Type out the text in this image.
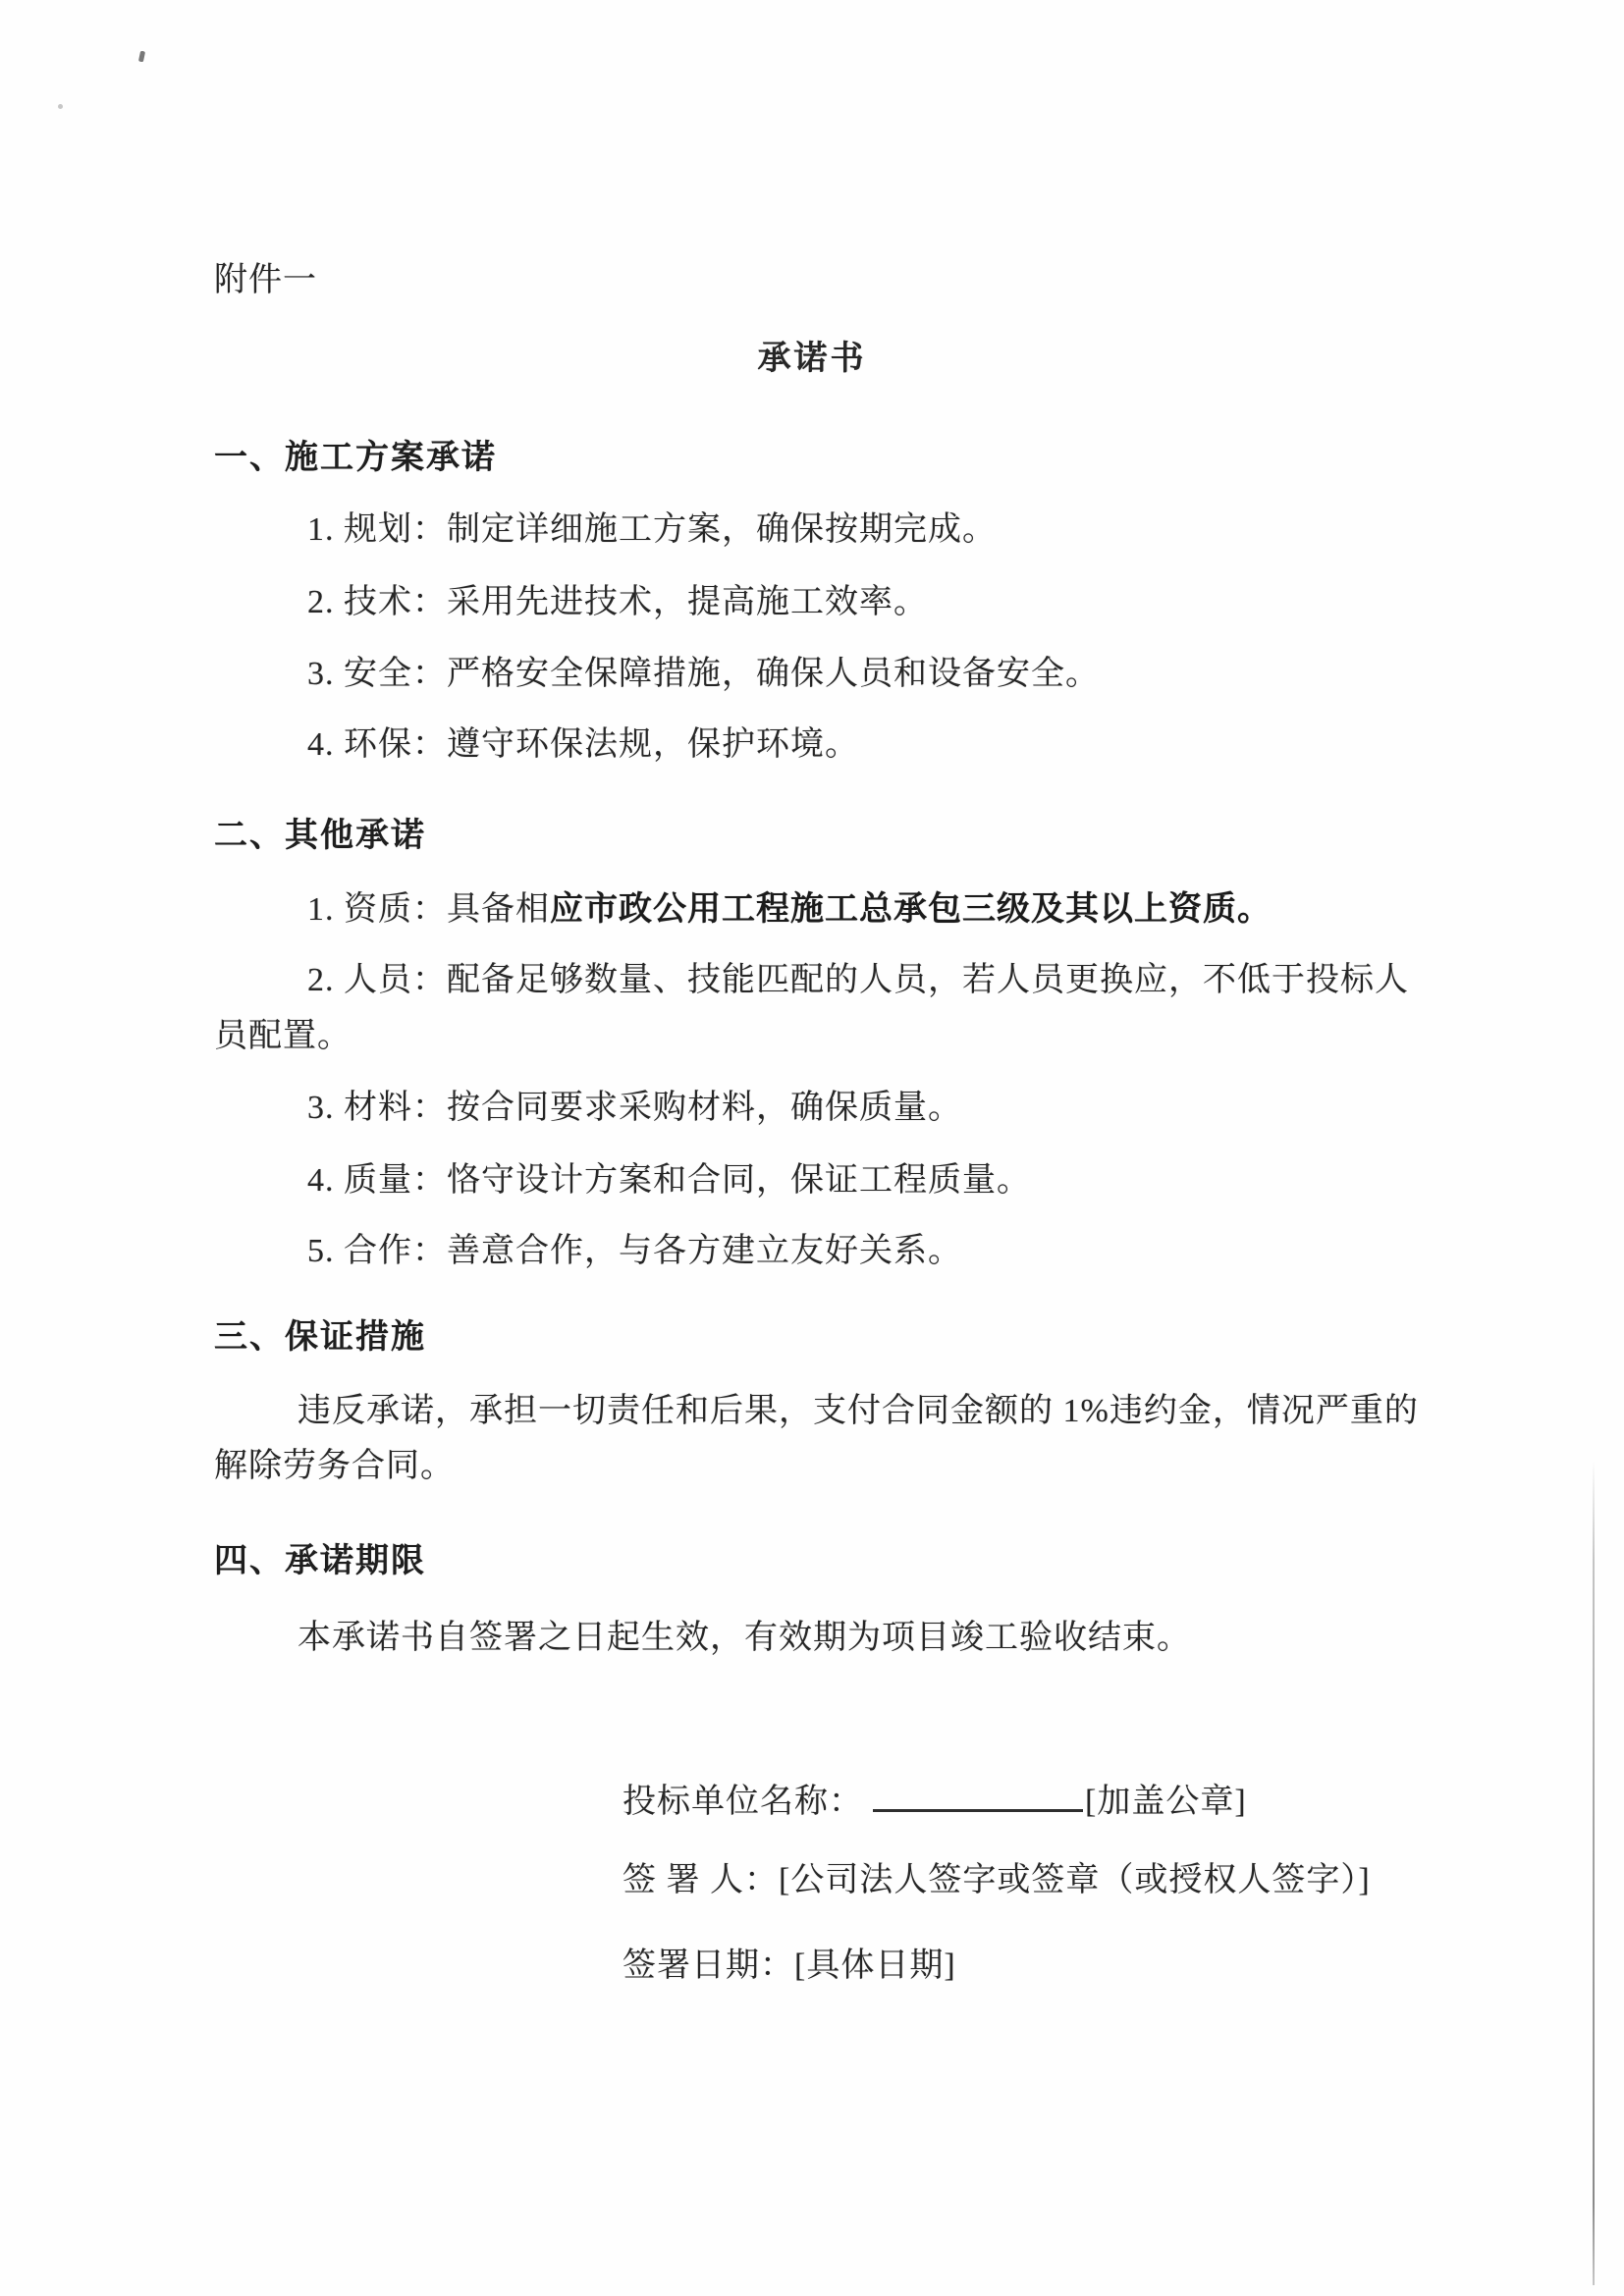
附件一
承诺书
一、施工方案承诺
1. 规划：制定详细施工方案，确保按期完成。
2. 技术：采用先进技术，提高施工效率。
3. 安全：严格安全保障措施，确保人员和设备安全。
4. 环保：遵守环保法规，保护环境。
二、其他承诺
1. 资质：具备相应市政公用工程施工总承包三级及其以上资质。
2. 人员：配备足够数量、技能匹配的人员，若人员更换应，不低于投标人
员配置。
3. 材料：按合同要求采购材料，确保质量。
4. 质量：恪守设计方案和合同，保证工程质量。
5. 合作：善意合作，与各方建立友好关系。
三、保证措施
违反承诺，承担一切责任和后果，支付合同金额的 1%违约金，情况严重的
解除劳务合同。
四、承诺期限
本承诺书自签署之日起生效，有效期为项目竣工验收结束。
投标单位名称：	[加盖公章]
签 署 人：[公司法人签字或签章（或授权人签字）]
签署日期：[具体日期]
